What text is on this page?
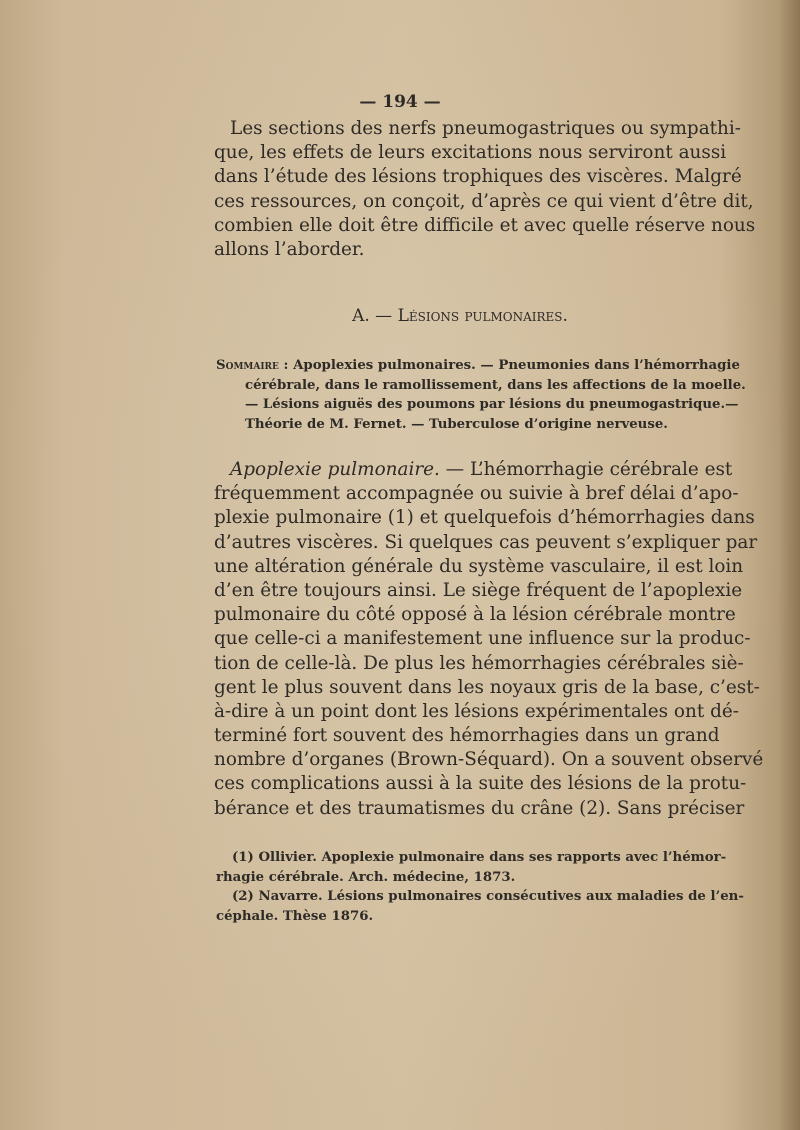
— 194 —
Les sections des nerfs pneumogastriques ou sympathi-
que, les effets de leurs excitations nous serviront aussi
dans l’étude des lésions trophiques des viscères. Malgré
ces ressources, on conçoit, d’après ce qui vient d’être dit,
combien elle doit être difficile et avec quelle réserve nous
allons l’aborder.
A. — Lésions pulmonaires.
Sommaire : Apoplexies pulmonaires. — Pneumonies dans l’hémorrhagie
cérébrale, dans le ramollissement, dans les affections de la moelle.
— Lésions aiguës des poumons par lésions du pneumogastrique.—
Théorie de M. Fernet. — Tuberculose d’origine nerveuse.
Apoplexie pulmonaire. — L’hémorrhagie cérébrale est
fréquemment accompagnée ou suivie à bref délai d’apo-
plexie pulmonaire (1) et quelquefois d’hémorrhagies dans
d’autres viscères. Si quelques cas peuvent s’expliquer par
une altération générale du système vasculaire, il est loin
d’en être toujours ainsi. Le siège fréquent de l’apoplexie
pulmonaire du côté opposé à la lésion cérébrale montre
que celle-ci a manifestement une influence sur la produc-
tion de celle-là. De plus les hémorrhagies cérébrales siè-
gent le plus souvent dans les noyaux gris de la base, c’est-
à-dire à un point dont les lésions expérimentales ont dé-
terminé fort souvent des hémorrhagies dans un grand
nombre d’organes (Brown-Séquard). On a souvent observé
ces complications aussi à la suite des lésions de la protu-
bérance et des traumatismes du crâne (2). Sans préciser
(1) Ollivier. Apoplexie pulmonaire dans ses rapports avec l’hémor-
rhagie cérébrale. Arch. médecine, 1873.
(2) Navarre. Lésions pulmonaires consécutives aux maladies de l’en-
céphale. Thèse 1876.
